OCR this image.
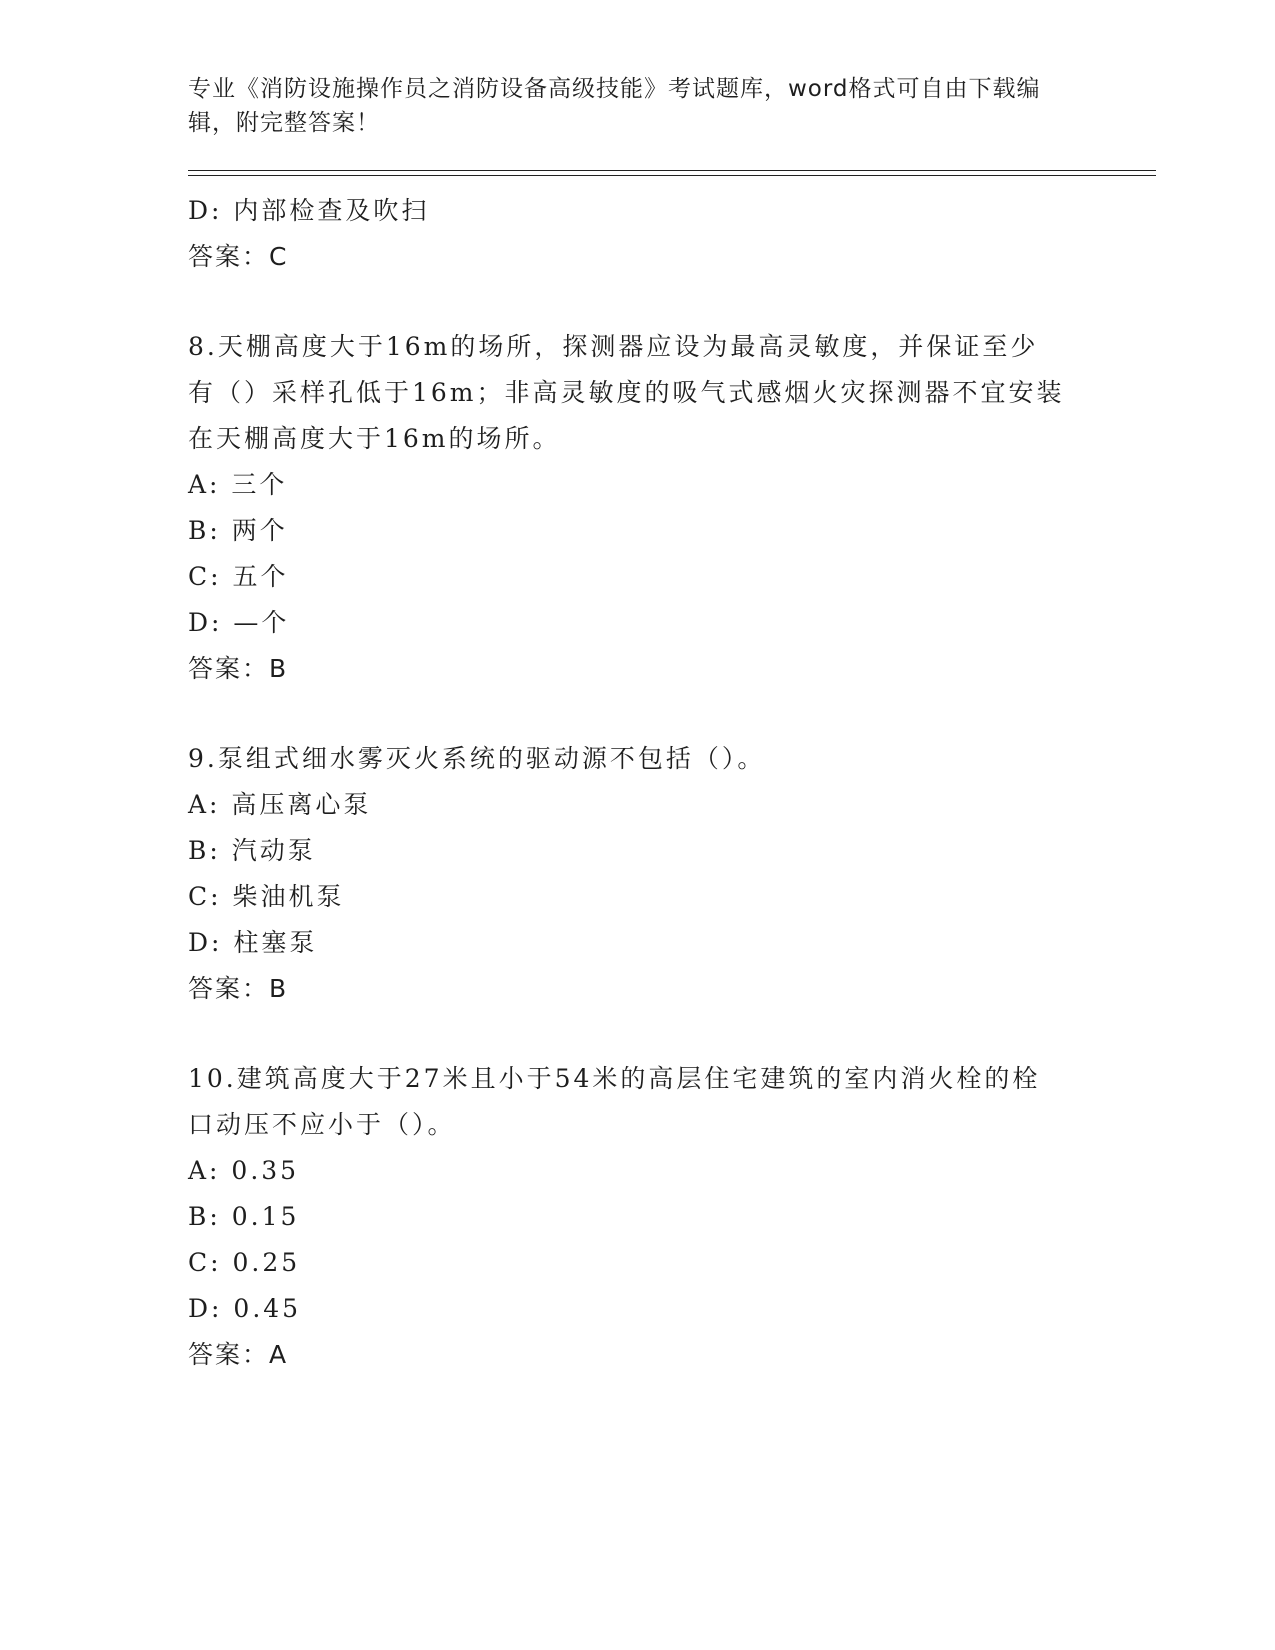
专业《消防设施操作员之消防设备高级技能》考试题库，word格式可自由下载编辑，附完整答案！
D: 内部检查及吹扫
答案：C
8.天棚高度大于16m的场所，探测器应设为最高灵敏度，并保证至少
有（）采样孔低于16m；非高灵敏度的吸气式感烟火灾探测器不宜安装
在天棚高度大于16m的场所。
A: 三个
B: 两个
C: 五个
D: —个
答案：B
9.泵组式细水雾灭火系统的驱动源不包括（）。
A: 高压离心泵
B: 汽动泵
C: 柴油机泵
D: 柱塞泵
答案：B
10.建筑高度大于27米且小于54米的高层住宅建筑的室内消火栓的栓
口动压不应小于（）。
A: 0.35
B: 0.15
C: 0.25
D: 0.45
答案：A
